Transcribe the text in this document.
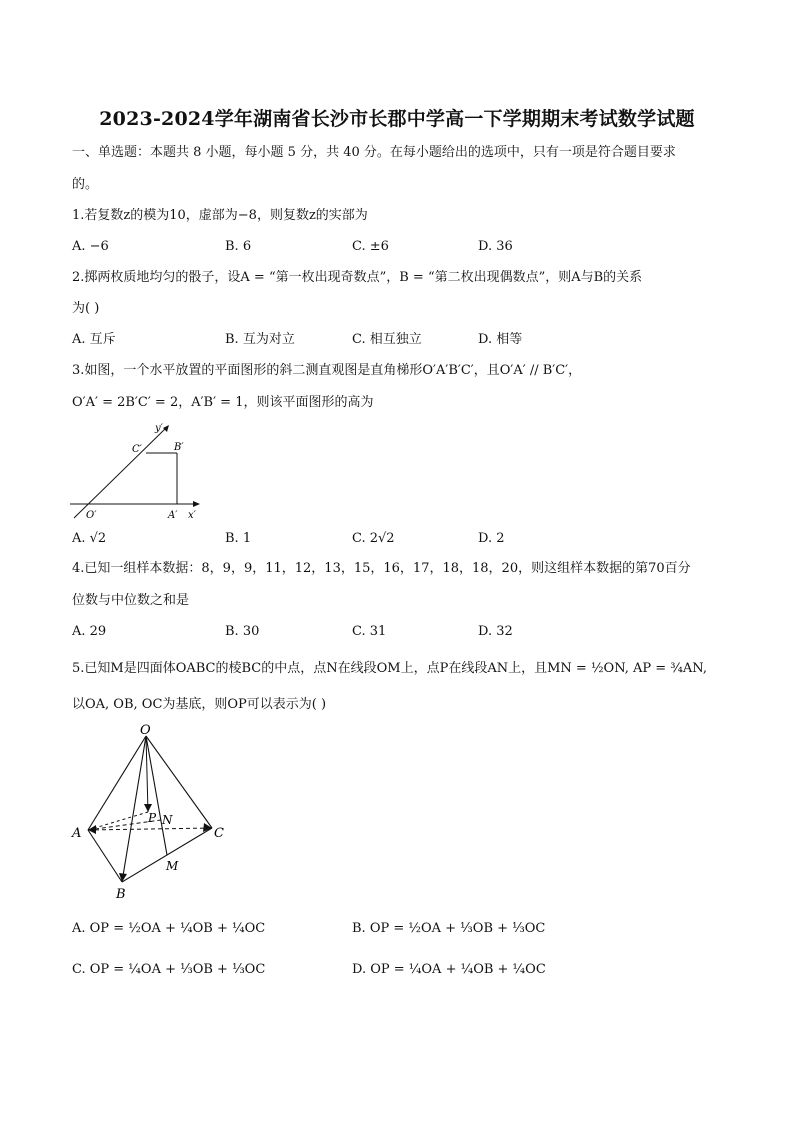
2023-2024学年湖南省长沙市长郡中学高一下学期期末考试数学试题
一、单选题：本题共 8 小题，每小题 5 分，共 40 分。在每小题给出的选项中，只有一项是符合题目要求
的。
1.若复数z的模为10，虚部为−8，则复数z的实部为
A. −6	B. 6	C. ±6	D. 36
2.掷两枚质地均匀的骰子，设A = “第一枚出现奇数点”，B = “第二枚出现偶数点”，则A与B的关系
为( )
A. 互斥	B. 互为对立	C. 相互独立	D. 相等
3.如图，一个水平放置的平面图形的斜二测直观图是直角梯形O′A′B′C′，且O′A′ // B′C′，
O′A′ = 2B′C′ = 2，A′B′ = 1，则该平面图形的高为
y′
C′	B′
O′	A′ x′
A. √2	B. 1	C. 2√2	D. 2
4.已知一组样本数据：8，9，9，11，12，13，15，16，17，18，18，20，则这组样本数据的第70百分
位数与中位数之和是
A. 29	B. 30	C. 31	D. 32
5.已知M是四面体OABC的棱BC的中点，点N在线段OM上，点P在线段AN上，且MN = ½ON, AP = ¾AN,
以OA, OB, OC为基底，则OP可以表示为( )
O
P N
A	C
M
B
A. OP = ½OA + ¼OB + ¼OC	B. OP = ½OA + ⅓OB + ⅓OC
C. OP = ¼OA + ⅓OB + ⅓OC	D. OP = ¼OA + ¼OB + ¼OC
